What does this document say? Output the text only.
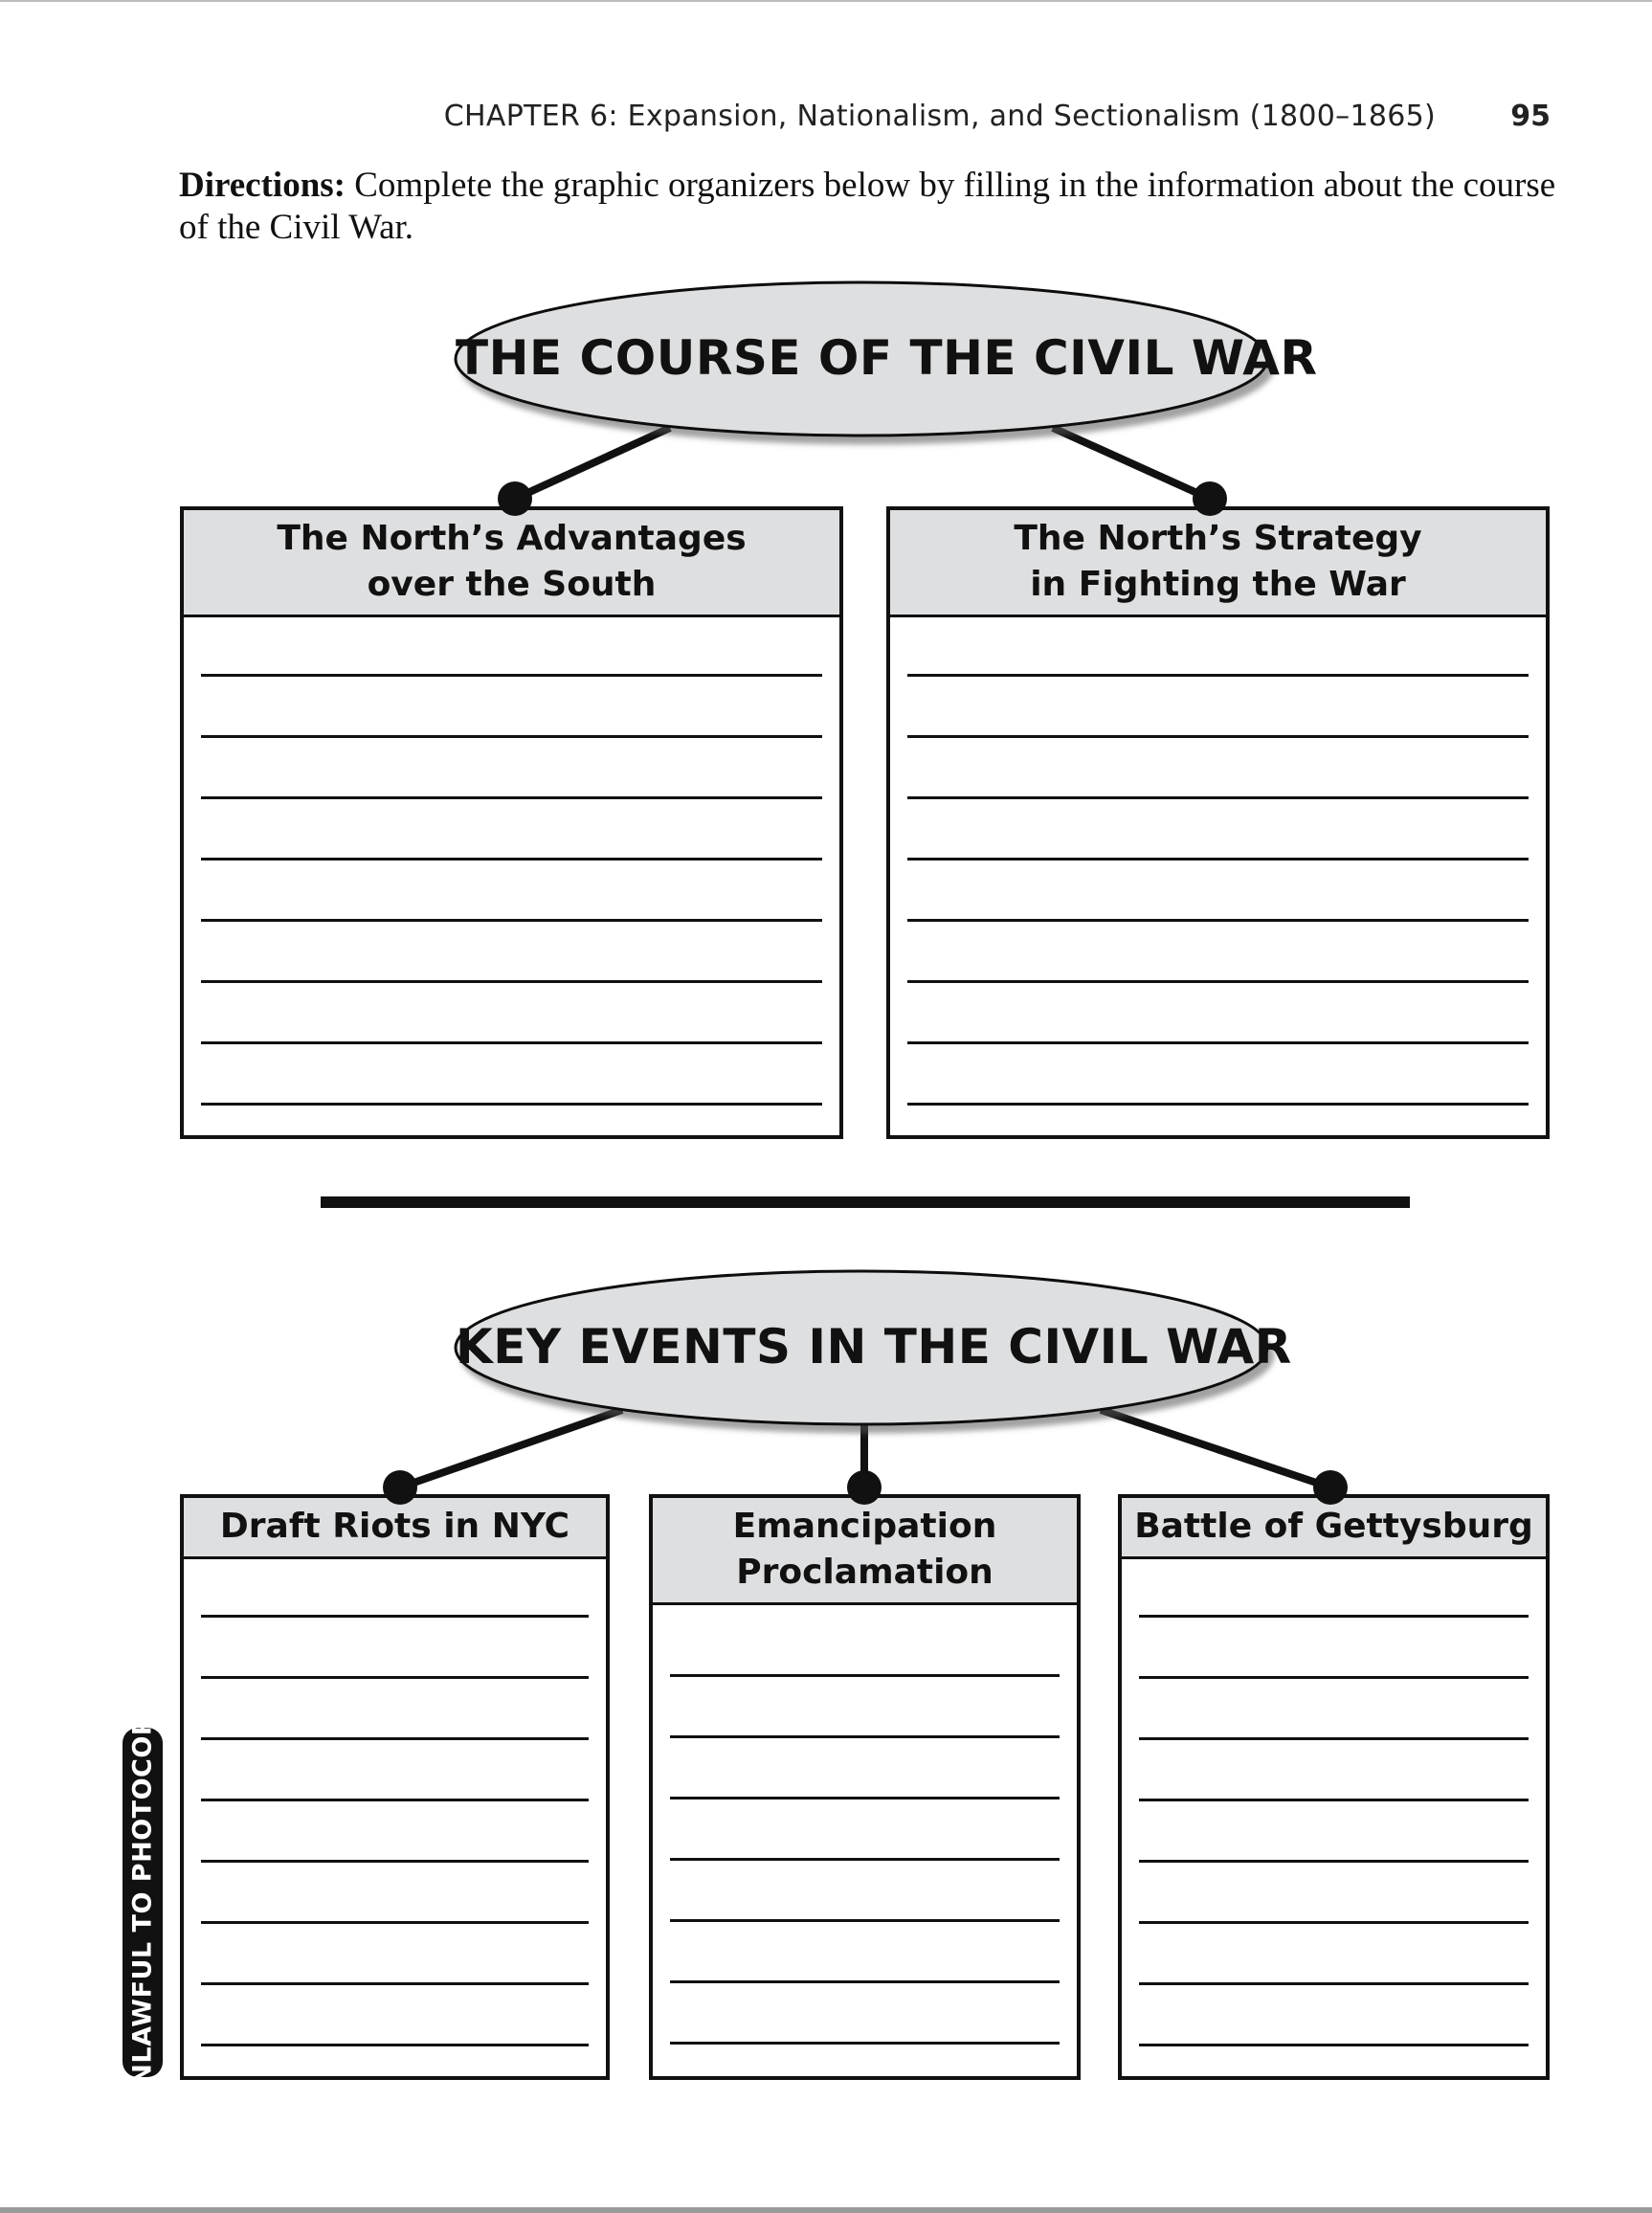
CHAPTER 6: Expansion, Nationalism, and Sectionalism (1800–1865)	95
Directions: Complete the graphic organizers below by filling in the information about the course of the Civil War.
THE COURSE OF THE CIVIL WAR
KEY EVENTS IN THE CIVIL WAR
The North’s Advantages
over the South
The North’s Strategy
in Fighting the War
Draft Riots in NYC	Emancipation
Proclamation
Battle of Gettysburg
UNLAWFUL TO PHOTOCOPY
